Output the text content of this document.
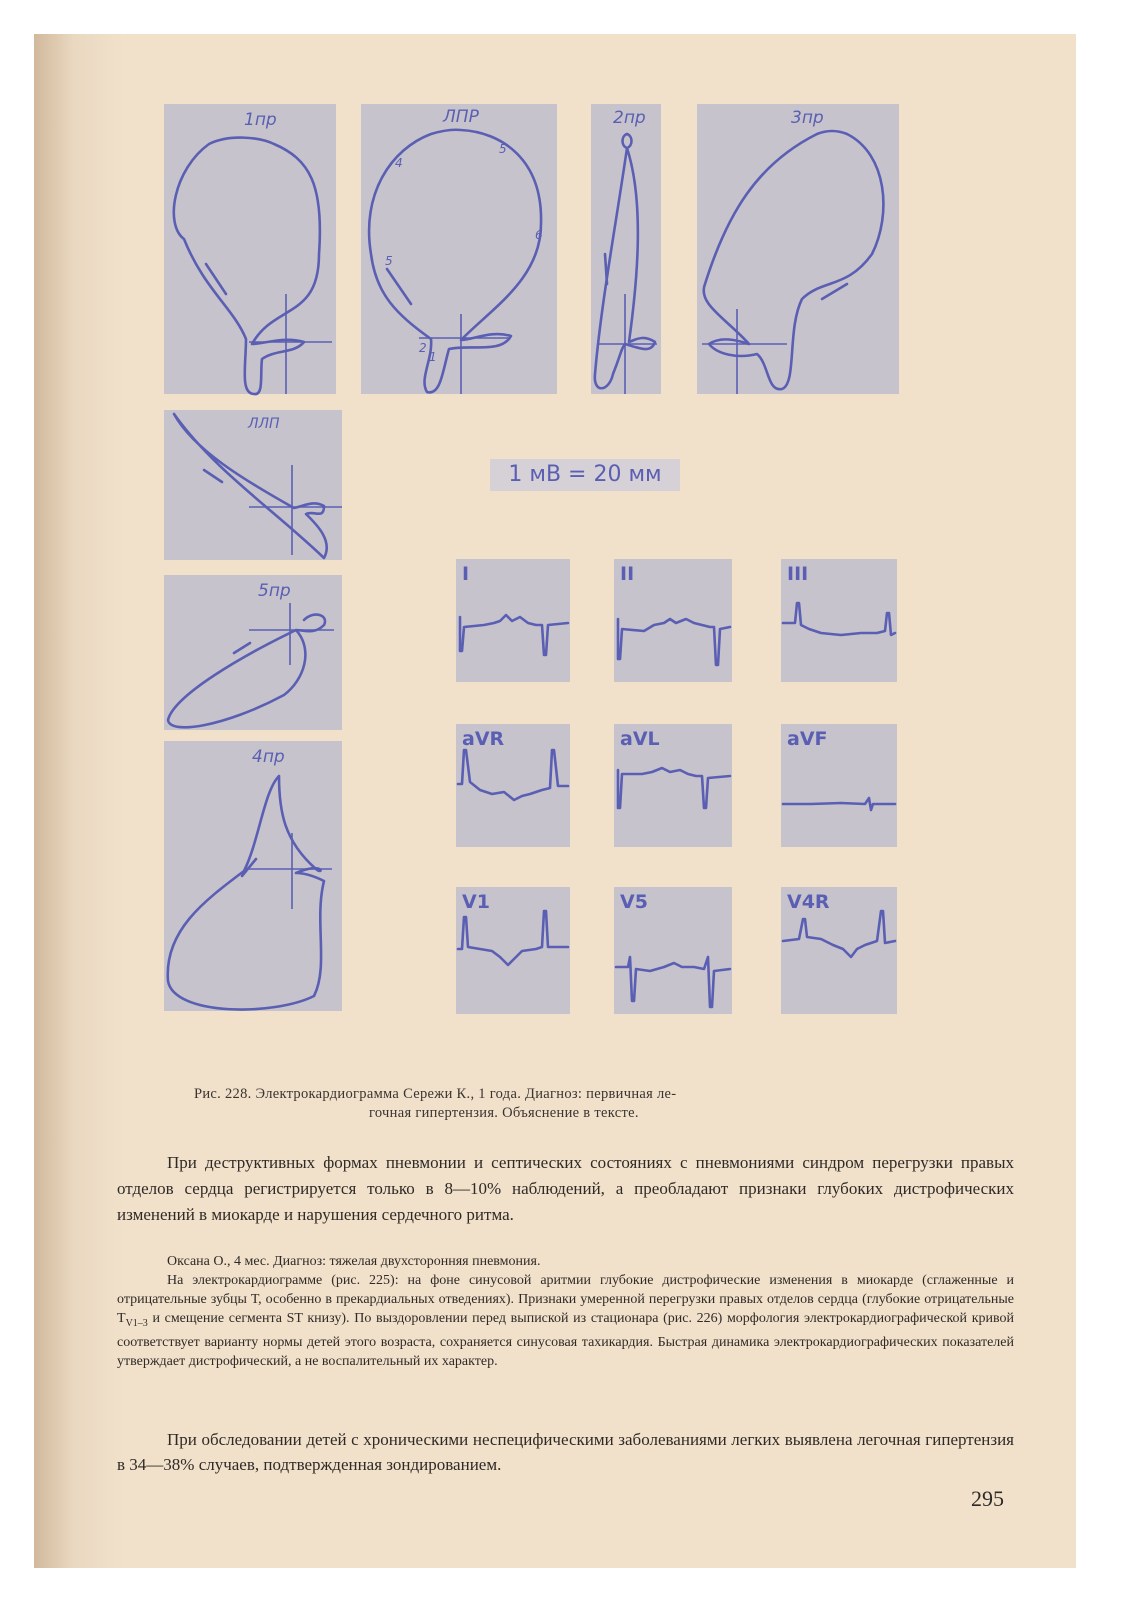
1пр	ЛПР
4
5
6
5
2
1
2пр	3пр
ЛЛП
5пр
4пр
1 мВ = 20 мм
I	II	III
aVR	aVL	aVF
V1	V5	V4R
Рис. 228. Электрокардиограмма Сережи К., 1 года. Диагноз: первичная ле-
гочная гипертензия. Объяснение в тексте.
При деструктивных формах пневмонии и септических состояниях с пневмониями синдром перегрузки правых отделов сердца регистрируется только в 8—10% наблюдений, а преобладают признаки глубоких дистрофических изменений в миокарде и нарушения сердечного ритма.
Оксана О., 4 мес. Диагноз: тяжелая двухсторонняя пневмония.
На электрокардиограмме (рис. 225): на фоне синусовой аритмии глубокие дистрофические изменения в миокарде (сглаженные и отрицательные зубцы Т, особенно в прекардиальных отведениях). Признаки умеренной перегрузки правых отделов сердца (глубокие отрицательные $Т_{V1-3}$ и смещение сегмента ST книзу). По выздоровлении перед выпиской из стационара (рис. 226) морфология электрокардиографической кривой соответствует варианту нормы детей этого возраста, сохраняется синусовая тахикардия. Быстрая динамика электрокардиографических показателей утверждает дистрофический, а не воспалительный их характер.
При обследовании детей с хроническими неспецифическими заболеваниями легких выявлена легочная гипертензия в 34—38% случаев, подтвержденная зондированием.
295
